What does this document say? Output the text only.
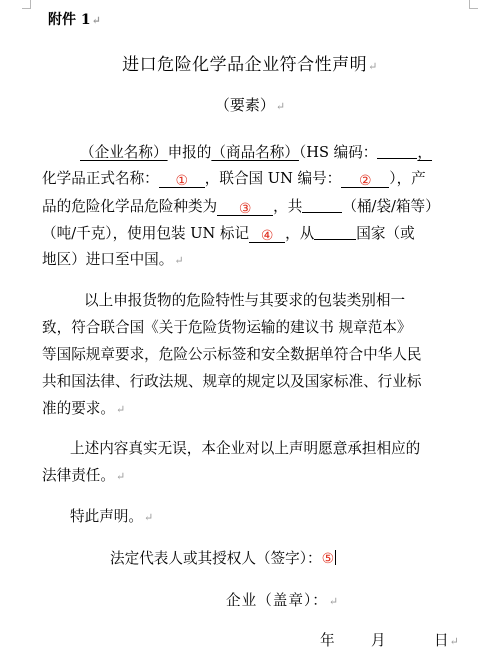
附件 1↵
进口危险化学品企业符合性声明↵
（要素）↵
（企业名称）申报的（商品名称）（HS 编码：	，
化学品正式名称： ① ，联合国 UN 编号： ② ），产
品的危险化学品危险种类为 ③ ，共	（桶/袋/箱等）
（吨/千克），使用包装 UN 标记 ④ ，从	国家（或
地区）进口至中国。↵
以上申报货物的危险特性与其要求的包装类别相一
致，符合联合国《关于危险货物运输的建议书 规章范本》
等国际规章要求，危险公示标签和安全数据单符合中华人民
共和国法律、行政法规、规章的规定以及国家标准、行业标
准的要求。↵
上述内容真实无误，本企业对以上声明愿意承担相应的
法律责任。↵
特此声明。↵
法定代表人或其授权人（签字）：⑤
企业（盖章）：↵
年 月	日↵
